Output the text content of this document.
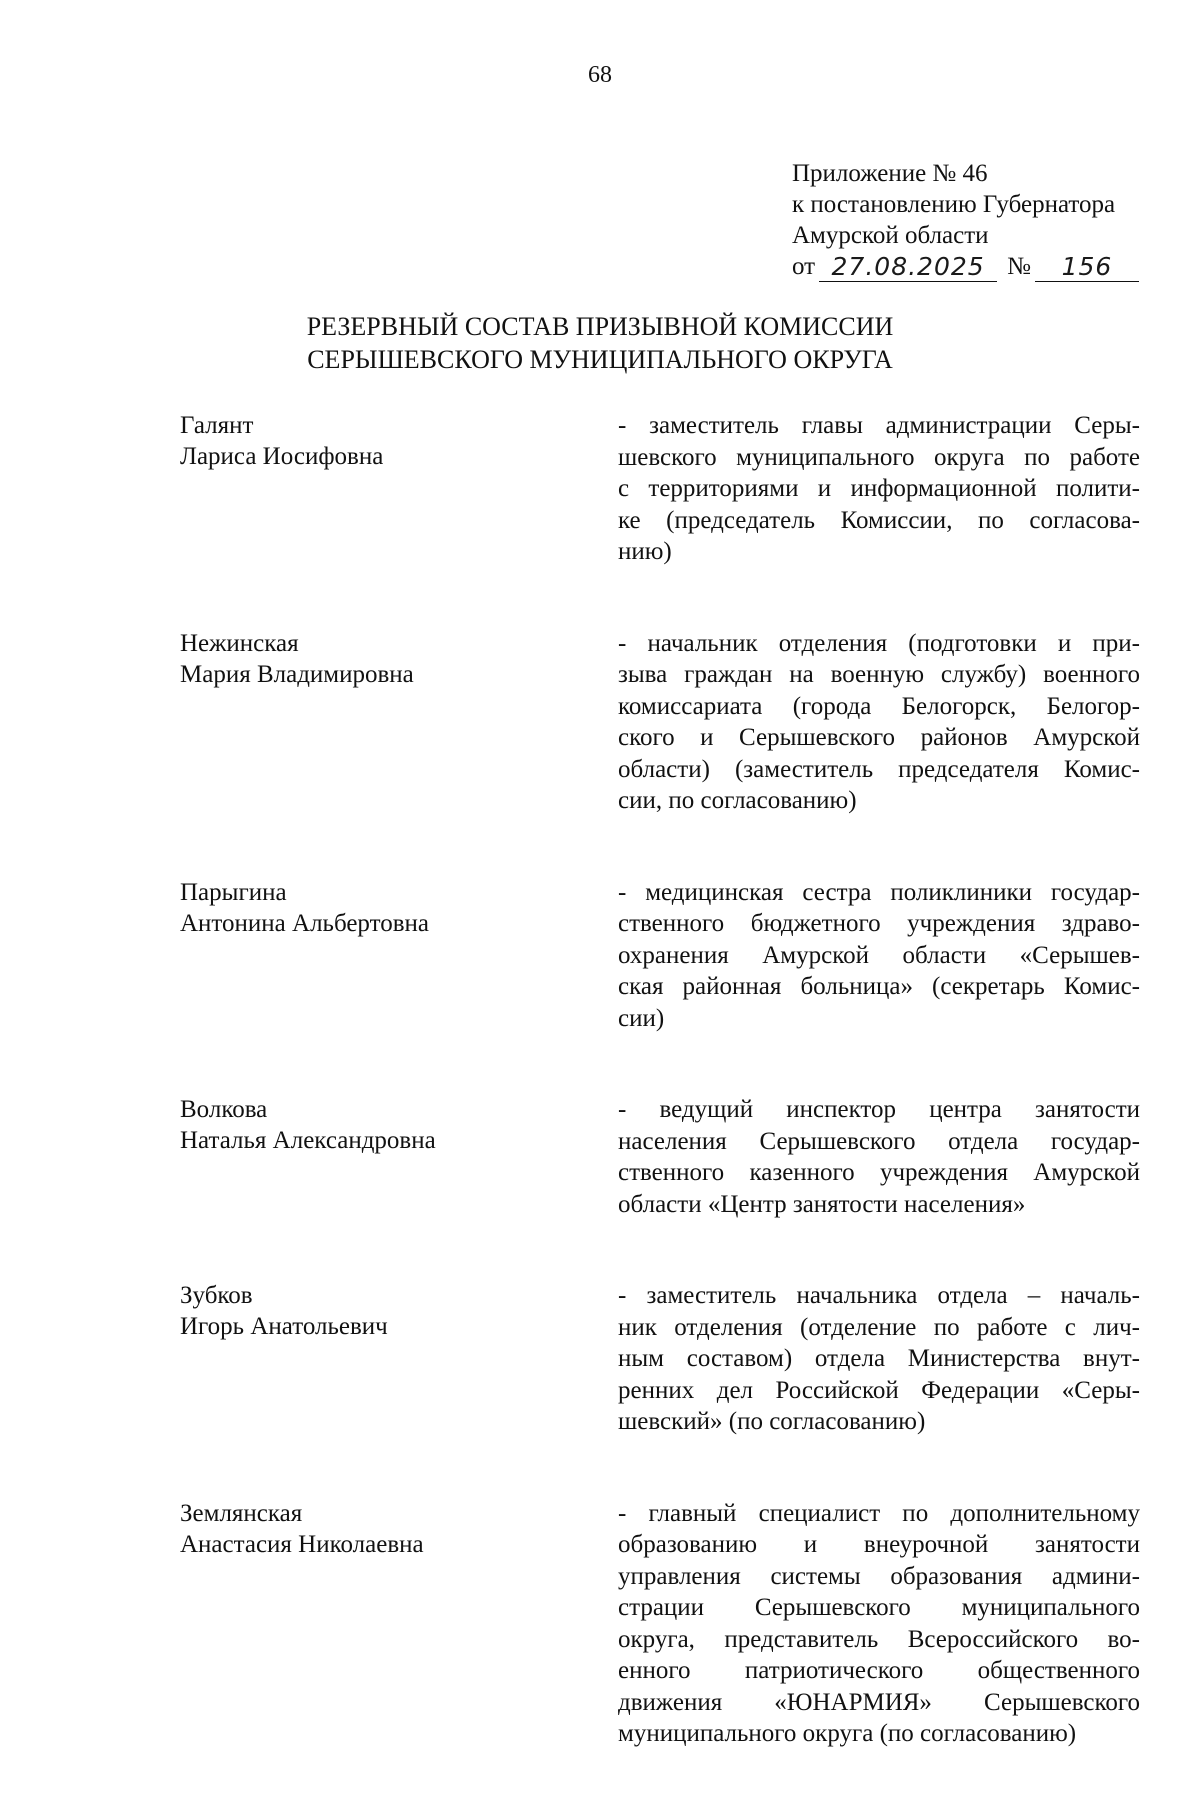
68
Приложение № 46
к постановлению Губернатора
Амурской области
от 27.08.2025 №	156
РЕЗЕРВНЫЙ СОСТАВ ПРИЗЫВНОЙ КОМИССИИ
СЕРЫШЕВСКОГО МУНИЦИПАЛЬНОГО ОКРУГА
Галянт
Лариса Иосифовна
- заместитель главы администрации Серы-
шевского муниципального округа по работе
с территориями и информационной полити-
ке (председатель Комиссии, по согласова-
нию)
Нежинская
Мария Владимировна
- начальник отделения (подготовки и при-
зыва граждан на военную службу) военного
комиссариата (города Белогорск, Белогор-
ского и Серышевского районов Амурской
области) (заместитель председателя Комис-
сии, по согласованию)
Парыгина
Антонина Альбертовна
- медицинская сестра поликлиники государ-
ственного бюджетного учреждения здраво-
охранения Амурской области «Серышев-
ская районная больница» (секретарь Комис-
сии)
Волкова
Наталья Александровна
- ведущий инспектор центра занятости
населения Серышевского отдела государ-
ственного казенного учреждения Амурской
области «Центр занятости населения»
Зубков
Игорь Анатольевич
- заместитель начальника отдела – началь-
ник отделения (отделение по работе с лич-
ным составом) отдела Министерства внут-
ренних дел Российской Федерации «Серы-
шевский» (по согласованию)
Землянская
Анастасия Николаевна
- главный специалист по дополнительному
образованию и внеурочной занятости
управления системы образования админи-
страции Серышевского муниципального
округа, представитель Всероссийского во-
енного патриотического общественного
движения «ЮНАРМИЯ» Серышевского
муниципального округа (по согласованию)
